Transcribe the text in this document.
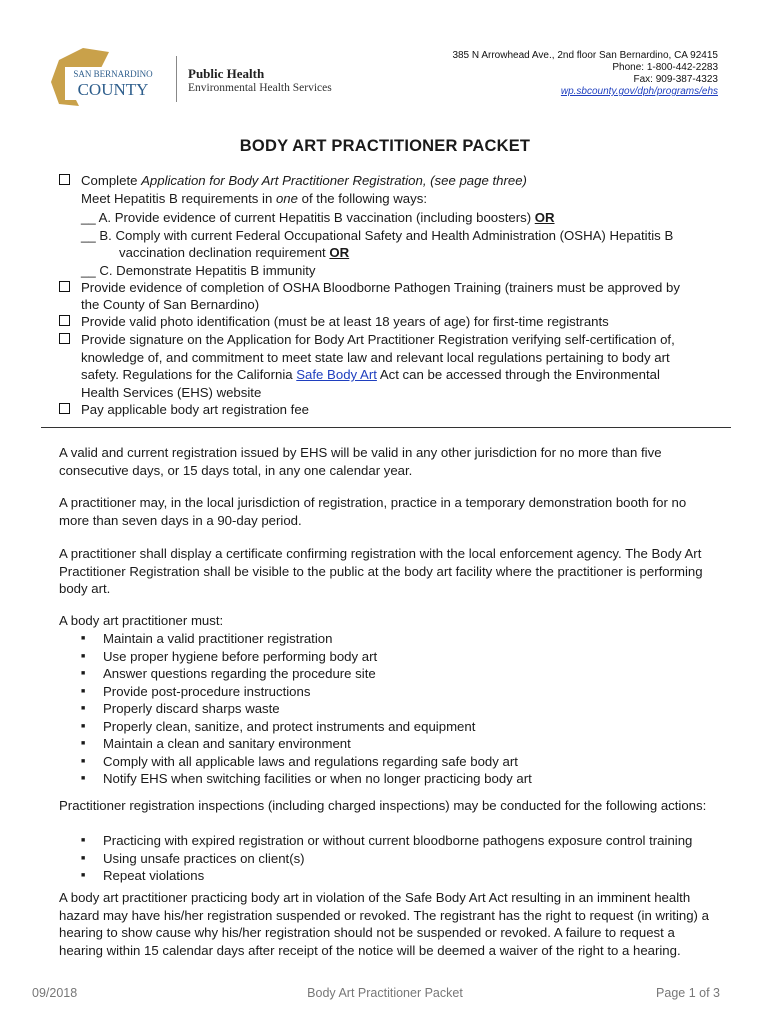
SAN BERNARDINO
COUNTY
Public Health
Environmental Health Services
385 N Arrowhead Ave., 2nd floor San Bernardino, CA 92415
Phone: 1-800-442-2283
Fax: 909-387-4323
wp.sbcounty.gov/dph/programs/ehs
BODY ART PRACTITIONER PACKET
Complete Application for Body Art Practitioner Registration, (see page three)
Meet Hepatitis B requirements in one of the following ways:
__ A. Provide evidence of current Hepatitis B vaccination (including boosters) OR
__ B. Comply with current Federal Occupational Safety and Health Administration (OSHA) Hepatitis B
vaccination declination requirement OR
__ C. Demonstrate Hepatitis B immunity
Provide evidence of completion of OSHA Bloodborne Pathogen Training (trainers must be approved by
the County of San Bernardino)
Provide valid photo identification (must be at least 18 years of age) for first-time registrants
Provide signature on the Application for Body Art Practitioner Registration verifying self-certification of,
knowledge of, and commitment to meet state law and relevant local regulations pertaining to body art
safety. Regulations for the California Safe Body Art Act can be accessed through the Environmental
Health Services (EHS) website
Pay applicable body art registration fee

A valid and current registration issued by EHS will be valid in any other jurisdiction for no more than five consecutive days, or 15 days total, in any one calendar year.

A practitioner may, in the local jurisdiction of registration, practice in a temporary demonstration booth for no more than seven days in a 90-day period.

A practitioner shall display a certificate confirming registration with the local enforcement agency. The Body Art Practitioner Registration shall be visible to the public at the body art facility where the practitioner is performing body art.

A body art practitioner must:

■ Maintain a valid practitioner registration
■ Use proper hygiene before performing body art
■ Answer questions regarding the procedure site
■ Provide post-procedure instructions
■ Properly discard sharps waste
■ Properly clean, sanitize, and protect instruments and equipment
■ Maintain a clean and sanitary environment
■ Comply with all applicable laws and regulations regarding safe body art
■ Notify EHS when switching facilities or when no longer practicing body art

Practitioner registration inspections (including charged inspections) may be conducted for the following actions:

■ Practicing with expired registration or without current bloodborne pathogens exposure control training
■ Using unsafe practices on client(s)
■ Repeat violations

A body art practitioner practicing body art in violation of the Safe Body Art Act resulting in an imminent health hazard may have his/her registration suspended or revoked. The registrant has the right to request (in writing) a hearing to show cause why his/her registration should not be suspended or revoked. A failure to request a hearing within 15 calendar days after receipt of the notice will be deemed a waiver of the right to a hearing.

09/2018	Body Art Practitioner Packet	Page 1 of 3
